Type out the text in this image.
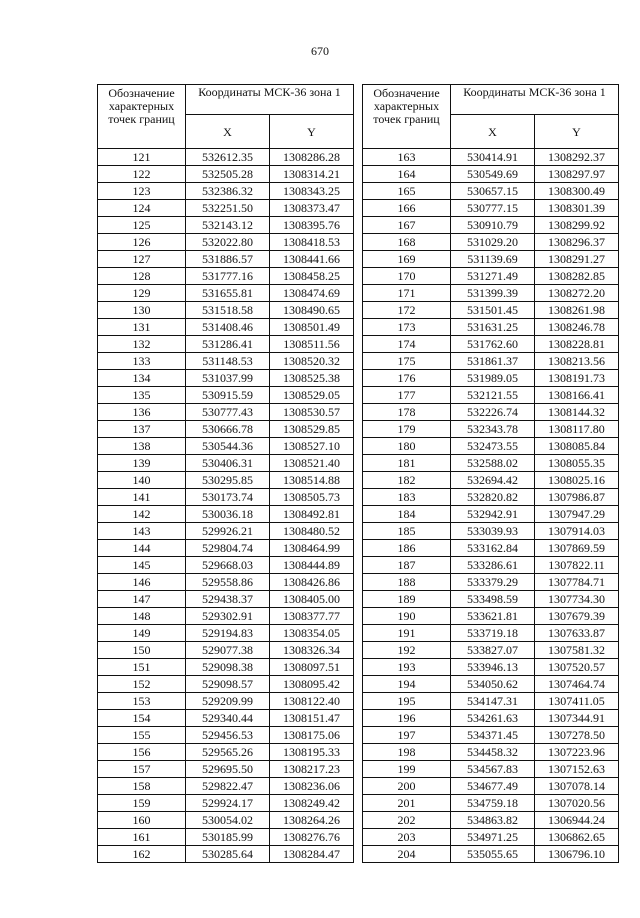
670
Обозначение характерных точек границ	Координаты МСК-36 зона 1	
	X	Y
121	532612.35	1308286.28
122	532505.28	1308314.21
123	532386.32	1308343.25
124	532251.50	1308373.47
125	532143.12	1308395.76
126	532022.80	1308418.53
127	531886.57	1308441.66
128	531777.16	1308458.25
129	531655.81	1308474.69
130	531518.58	1308490.65
131	531408.46	1308501.49
132	531286.41	1308511.56
133	531148.53	1308520.32
134	531037.99	1308525.38
135	530915.59	1308529.05
136	530777.43	1308530.57
137	530666.78	1308529.85
138	530544.36	1308527.10
139	530406.31	1308521.40
140	530295.85	1308514.88
141	530173.74	1308505.73
142	530036.18	1308492.81
143	529926.21	1308480.52
144	529804.74	1308464.99
145	529668.03	1308444.89
146	529558.86	1308426.86
147	529438.37	1308405.00
148	529302.91	1308377.77
149	529194.83	1308354.05
150	529077.38	1308326.34
151	529098.38	1308097.51
152	529098.57	1308095.42
153	529209.99	1308122.40
154	529340.44	1308151.47
155	529456.53	1308175.06
156	529565.26	1308195.33
157	529695.50	1308217.23
158	529822.47	1308236.06
159	529924.17	1308249.42
160	530054.02	1308264.26
161	530185.99	1308276.76
162	530285.64	1308284.47
Обозначение характерных точек границ	Координаты МСК-36 зона 1	
	X	Y
163	530414.91	1308292.37
164	530549.69	1308297.97
165	530657.15	1308300.49
166	530777.15	1308301.39
167	530910.79	1308299.92
168	531029.20	1308296.37
169	531139.69	1308291.27
170	531271.49	1308282.85
171	531399.39	1308272.20
172	531501.45	1308261.98
173	531631.25	1308246.78
174	531762.60	1308228.81
175	531861.37	1308213.56
176	531989.05	1308191.73
177	532121.55	1308166.41
178	532226.74	1308144.32
179	532343.78	1308117.80
180	532473.55	1308085.84
181	532588.02	1308055.35
182	532694.42	1308025.16
183	532820.82	1307986.87
184	532942.91	1307947.29
185	533039.93	1307914.03
186	533162.84	1307869.59
187	533286.61	1307822.11
188	533379.29	1307784.71
189	533498.59	1307734.30
190	533621.81	1307679.39
191	533719.18	1307633.87
192	533827.07	1307581.32
193	533946.13	1307520.57
194	534050.62	1307464.74
195	534147.31	1307411.05
196	534261.63	1307344.91
197	534371.45	1307278.50
198	534458.32	1307223.96
199	534567.83	1307152.63
200	534677.49	1307078.14
201	534759.18	1307020.56
202	534863.82	1306944.24
203	534971.25	1306862.65
204	535055.65	1306796.10
